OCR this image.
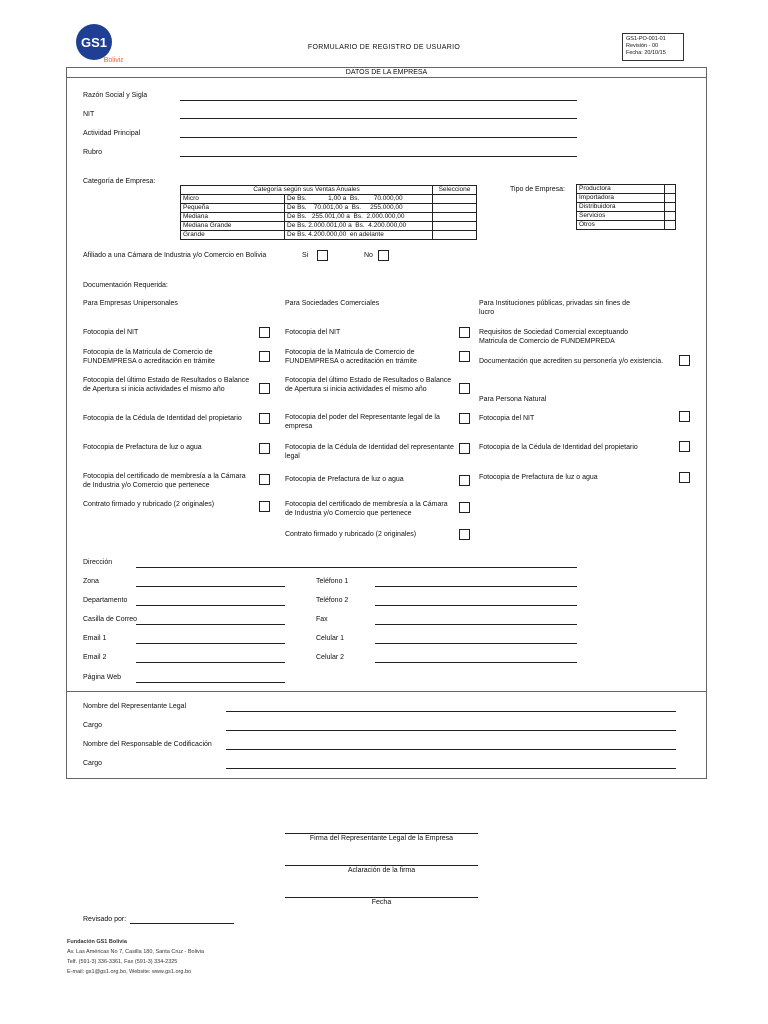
GS1
Bolivia
FORMULARIO DE REGISTRO DE USUARIO
GS1-PO-001-01
Revisión - 00
Fecha: 20/10/15
DATOS DE LA EMPRESA
Razón Social y Sigla
NIT
Actividad Principal
Rubro
Categoría de Empresa:
Categoría según sus Ventas Anuales		Seleccione
Micro	De Bs.            1,00 a  Bs.        70.000,00	
Pequeña	De Bs.    70.001,00 a  Bs.     255.000,00	
Mediana	De Bs.   255.001,00 a  Bs.  2.000.000,00	
Mediana Grande	De Bs. 2.000.001,00 a  Bs.  4.200.000,00	
Grande	De Bs. 4.200.000,00  en adelante	
Tipo de Empresa: Productora	
Importadora	
Distribuidora	
Servicios	
Otros	
Afiliado a una Cámara de Industria y/o Comercio en Bolivia	Si	No
Documentación Requerida:
Para Empresas Unipersonales	Para Sociedades Comerciales	Para Instituciones públicas, privadas sin fines de lucro
Fotocopia del NIT
Fotocopia de la Matricula de Comercio de FUNDEMPRESA o acreditación en trámite
Fotocopia del último Estado de Resultados o Balance de Apertura si inicia actividades el mismo año
Fotocopia de la Cédula de Identidad del propietario
Fotocopia de Prefactura de luz o agua
Fotocopia del certificado de membresía a la Cámara de Industria y/o Comercio que pertenece
Contrato firmado y rubricado (2 originales)
Fotocopia del NIT
Fotocopia de la Matricula de Comercio de FUNDEMPRESA o acreditación en trámite
Fotocopia del último Estado de Resultados o Balance de Apertura si inicia actividades el mismo año
Fotocopia del poder del Representante legal de la empresa
Fotocopia de la Cédula de Identidad del representante legal
Fotocopia de Prefactura de luz o agua
Fotocopia del certificado de membresía a la Cámara de Industria y/o Comercio que pertenece
Contrato firmado y rubricado (2 originales)
Requisitos de Sociedad Comercial exceptuando Matricula de Comercio de FUNDEMPREDA
Documentación que acrediten su personería y/o existencia.
Para Persona Natural
Fotocopia del NIT
Fotocopia de la Cédula de Identidad del propietario
Fotocopia de Prefactura de luz o agua
Dirección
Zona
Departamento
Casilla de Correo
Email 1
Email 2
Página Web
Teléfono 1
Teléfono 2
Fax
Celular 1
Celular 2
Nombre del Representante Legal
Cargo
Nombre del Responsable de Codificación
Cargo
Firma del Representante Legal de la Empresa
Aclaración de la firma
Fecha
Revisado por:
Fundación GS1 Bolivia
Av. Las Américas No 7, Casilla 180, Santa Cruz - Bolivia
Telf. (591-3) 336-3361, Fax (591-3) 334-2325
E-mail: gs1@gs1.org.bo, Website: www.gs1.org.bo
